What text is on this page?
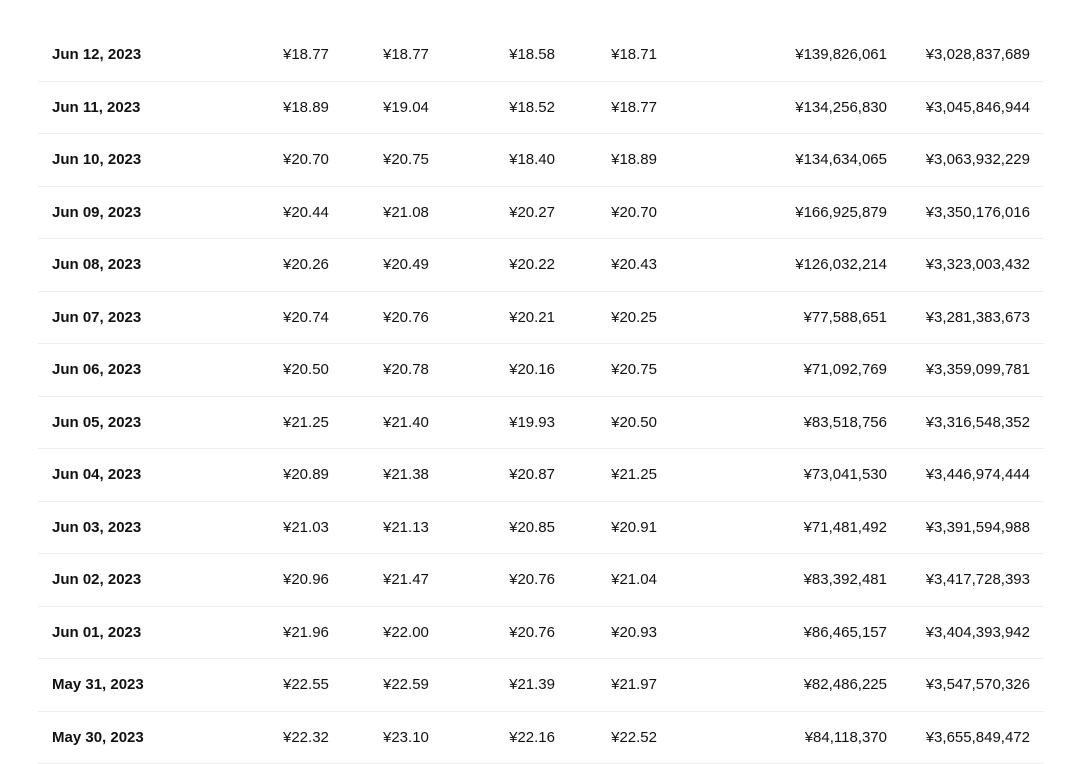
Jun 12, 2023	¥18.77	¥18.77	¥18.58	¥18.71	¥139,826,061	¥3,028,837,689
Jun 11, 2023	¥18.89	¥19.04	¥18.52	¥18.77	¥134,256,830	¥3,045,846,944
Jun 10, 2023	¥20.70	¥20.75	¥18.40	¥18.89	¥134,634,065	¥3,063,932,229
Jun 09, 2023	¥20.44	¥21.08	¥20.27	¥20.70	¥166,925,879	¥3,350,176,016
Jun 08, 2023	¥20.26	¥20.49	¥20.22	¥20.43	¥126,032,214	¥3,323,003,432
Jun 07, 2023	¥20.74	¥20.76	¥20.21	¥20.25	¥77,588,651	¥3,281,383,673
Jun 06, 2023	¥20.50	¥20.78	¥20.16	¥20.75	¥71,092,769	¥3,359,099,781
Jun 05, 2023	¥21.25	¥21.40	¥19.93	¥20.50	¥83,518,756	¥3,316,548,352
Jun 04, 2023	¥20.89	¥21.38	¥20.87	¥21.25	¥73,041,530	¥3,446,974,444
Jun 03, 2023	¥21.03	¥21.13	¥20.85	¥20.91	¥71,481,492	¥3,391,594,988
Jun 02, 2023	¥20.96	¥21.47	¥20.76	¥21.04	¥83,392,481	¥3,417,728,393
Jun 01, 2023	¥21.96	¥22.00	¥20.76	¥20.93	¥86,465,157	¥3,404,393,942
May 31, 2023	¥22.55	¥22.59	¥21.39	¥21.97	¥82,486,225	¥3,547,570,326
May 30, 2023	¥22.32	¥23.10	¥22.16	¥22.52	¥84,118,370	¥3,655,849,472
